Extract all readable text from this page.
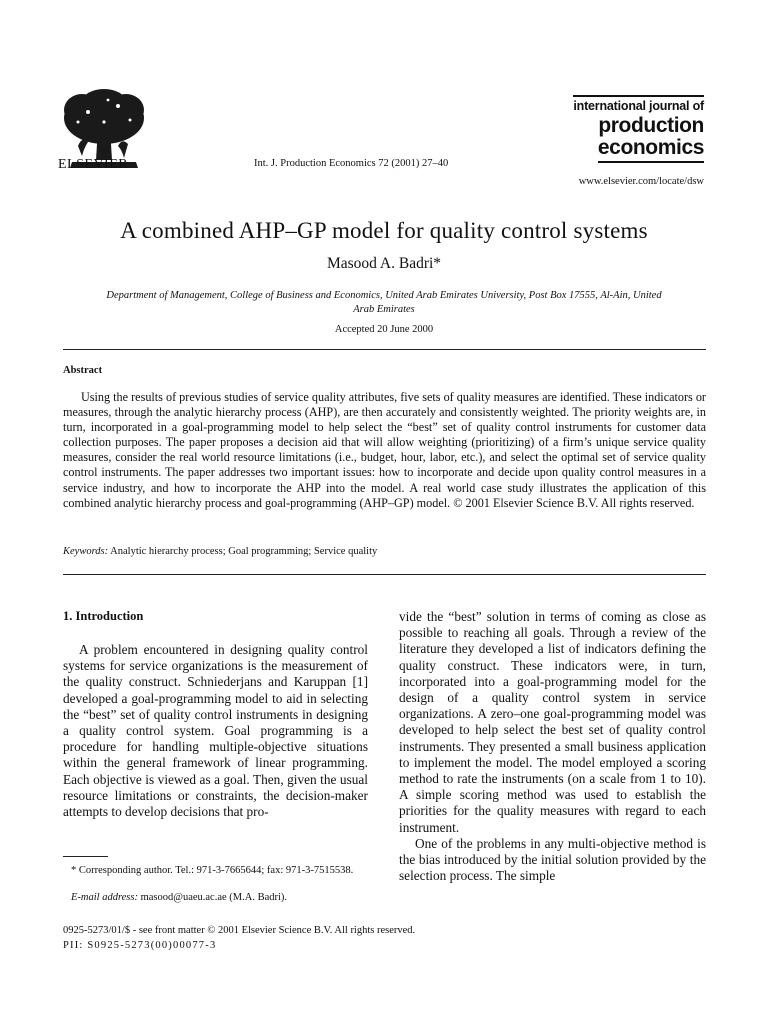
ELSEVIER	Int. J. Production Economics 72 (2001) 27–40
international journal of
production
economics
www.elsevier.com/locate/dsw
A combined AHP–GP model for quality control systems
Masood A. Badri*
Department of Management, College of Business and Economics, United Arab Emirates University, Post Box 17555, Al-Ain, United Arab Emirates
Accepted 20 June 2000
Abstract
Using the results of previous studies of service quality attributes, five sets of quality measures are identified. These indicators or measures, through the analytic hierarchy process (AHP), are then accurately and consistently weighted. The priority weights are, in turn, incorporated in a goal-programming model to help select the “best” set of quality control instruments for customer data collection purposes. The paper proposes a decision aid that will allow weighting (prioritizing) of a firm’s unique service quality measures, consider the real world resource limitations (i.e., budget, hour, labor, etc.), and select the optimal set of service quality control instruments. The paper addresses two important issues: how to incorporate and decide upon quality control measures in a service industry, and how to incorporate the AHP into the model. A real world case study illustrates the application of this combined analytic hierarchy process and goal-programming (AHP–GP) model. © 2001 Elsevier Science B.V. All rights reserved.
Keywords: Analytic hierarchy process; Goal programming; Service quality
1. Introduction
A problem encountered in designing quality control systems for service organizations is the measurement of the quality construct. Schniederjans and Karuppan [1] developed a goal-programming model to aid in selecting the “best” set of quality control instruments in designing a quality control system. Goal programming is a procedure for handling multiple-objective situations within the general framework of linear programming. Each objective is viewed as a goal. Then, given the usual resource limitations or constraints, the decision-maker attempts to develop decisions that pro-

vide the “best” solution in terms of coming as close as possible to reaching all goals. Through a review of the literature they developed a list of indicators defining the quality construct. These indicators were, in turn, incorporated into a goal-programming model for the design of a quality control system in service organizations. A zero–one goal-programming model was developed to help select the best set of quality control instruments. They presented a small business application to implement the model. The model employed a scoring method to rate the instruments (on a scale from 1 to 10). A simple scoring method was used to establish the priorities for the quality measures with regard to each instrument.

One of the problems in any multi-objective method is the bias introduced by the initial solution provided by the selection process. The simple

* Corresponding author. Tel.: 971-3-7665644; fax: 971-3-7515538.
E-mail address: masood@uaeu.ac.ae (M.A. Badri).
0925-5273/01/$ - see front matter © 2001 Elsevier Science B.V. All rights reserved.
PII: S0925-5273(00)00077-3
